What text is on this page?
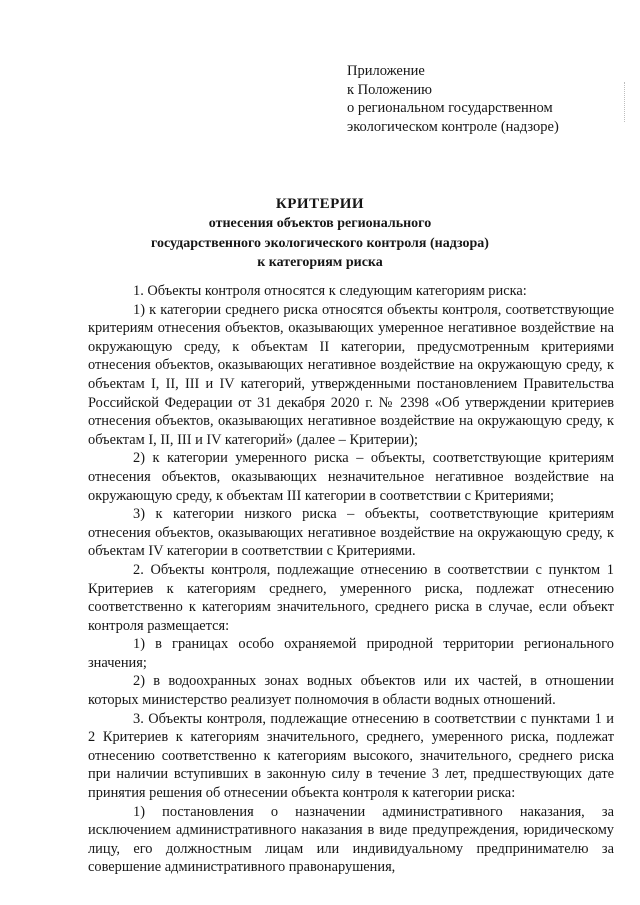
Приложение
к Положению
о региональном государственном
экологическом контроле (надзоре)
КРИТЕРИИ
отнесения объектов регионального
государственного экологического контроля (надзора)
к категориям риска

1. Объекты контроля относятся к следующим категориям риска:

1) к категории среднего риска относятся объекты контроля, соответствующие критериям отнесения объектов, оказывающих умеренное негативное воздействие на окружающую среду, к объектам II категории, предусмотренным критериями отнесения объектов, оказывающих негативное воздействие на окружающую среду, к объектам I, II, III и IV категорий, утвержденными постановлением Правительства Российской Федерации от 31 декабря 2020 г. № 2398 «Об утверждении критериев отнесения объектов, оказывающих негативное воздействие на окружающую среду, к объектам I, II, III и IV категорий» (далее – Критерии);

2) к категории умеренного риска – объекты, соответствующие критериям отнесения объектов, оказывающих незначительное негативное воздействие на окружающую среду, к объектам III категории в соответствии с Критериями;

3) к категории низкого риска – объекты, соответствующие критериям отнесения объектов, оказывающих негативное воздействие на окружающую среду, к объектам IV категории в соответствии с Критериями.

2. Объекты контроля, подлежащие отнесению в соответствии с пунктом 1 Критериев к категориям среднего, умеренного риска, подлежат отнесению соответственно к категориям значительного, среднего риска в случае, если объект контроля размещается:

1) в границах особо охраняемой природной территории регионального значения;

2) в водоохранных зонах водных объектов или их частей, в отношении которых министерство реализует полномочия в области водных отношений.

3. Объекты контроля, подлежащие отнесению в соответствии с пунктами 1 и 2 Критериев к категориям значительного, среднего, умеренного риска, подлежат отнесению соответственно к категориям высокого, значительного, среднего риска при наличии вступивших в законную силу в течение 3 лет, предшествующих дате принятия решения об отнесении объекта контроля к категории риска:

1) постановления о назначении административного наказания, за исключением административного наказания в виде предупреждения, юридическому лицу, его должностным лицам или индивидуальному предпринимателю за совершение административного правонарушения,
